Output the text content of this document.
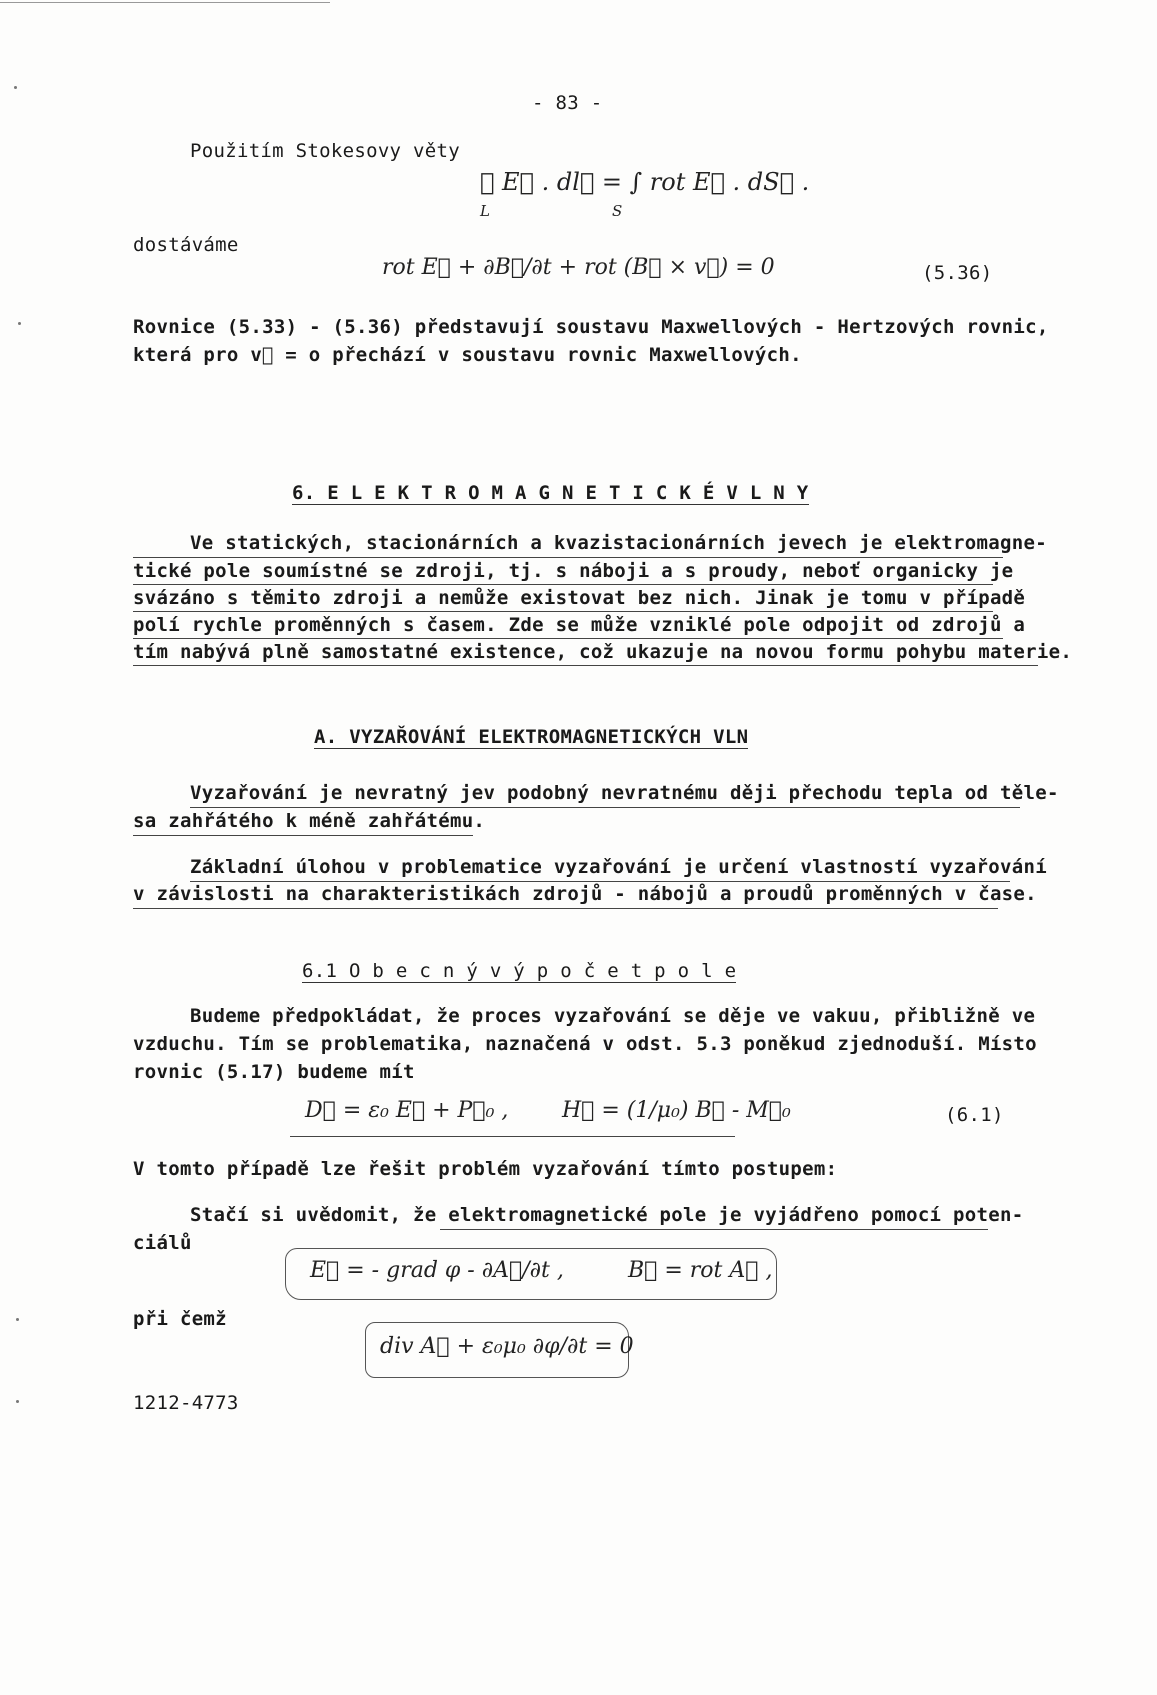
- 83 -
Použitím Stokesovy věty
∮ E⃗ . dl⃗ = ∫ rot E⃗ . dS⃗ .
L	S
dostáváme
rot E⃗ + ∂B⃗/∂t + rot (B⃗ × v⃗) = 0	(5.36)
Rovnice (5.33) - (5.36) představují soustavu Maxwellových - Hertzových rovnic,
která pro v⃗ = o přechází v soustavu rovnic Maxwellových.
6. E L E K T R O M A G N E T I C K É V L N Y
Ve statických, stacionárních a kvazistacionárních jevech je elektromagne-
tické pole soumístné se zdroji, tj. s náboji a s proudy, neboť organicky je
svázáno s těmito zdroji a nemůže existovat bez nich. Jinak je tomu v případě
polí rychle proměnných s časem. Zde se může vzniklé pole odpojit od zdrojů a
tím nabývá plně samostatné existence, což ukazuje na novou formu pohybu materie.
A. VYZAŘOVÁNÍ ELEKTROMAGNETICKÝCH VLN
Vyzařování je nevratný jev podobný nevratnému ději přechodu tepla od těle-
sa zahřátého k méně zahřátému.
Základní úlohou v problematice vyzařování je určení vlastností vyzařování
v závislosti na charakteristikách zdrojů - nábojů a proudů proměnných v čase.
6.1 O b e c n ý v ý p o č e t p o l e
Budeme předpokládat, že proces vyzařování se děje ve vakuu, přibližně ve
vzduchu. Tím se problematika, naznačená v odst. 5.3 poněkud zjednoduší. Místo
rovnic (5.17) budeme mít
D⃗ = ε₀ E⃗ + P⃗₀ , H⃗ = (1/μ₀) B⃗ - M⃗₀	(6.1)
V tomto případě lze řešit problém vyzařování tímto postupem:
Stačí si uvědomit, že elektromagnetické pole je vyjádřeno pomocí poten-
ciálů
E⃗ = - grad φ - ∂A⃗/∂t ,	B⃗ = rot A⃗ ,
při čemž
div A⃗ + ε₀μ₀ ∂φ/∂t = 0
1212-4773
